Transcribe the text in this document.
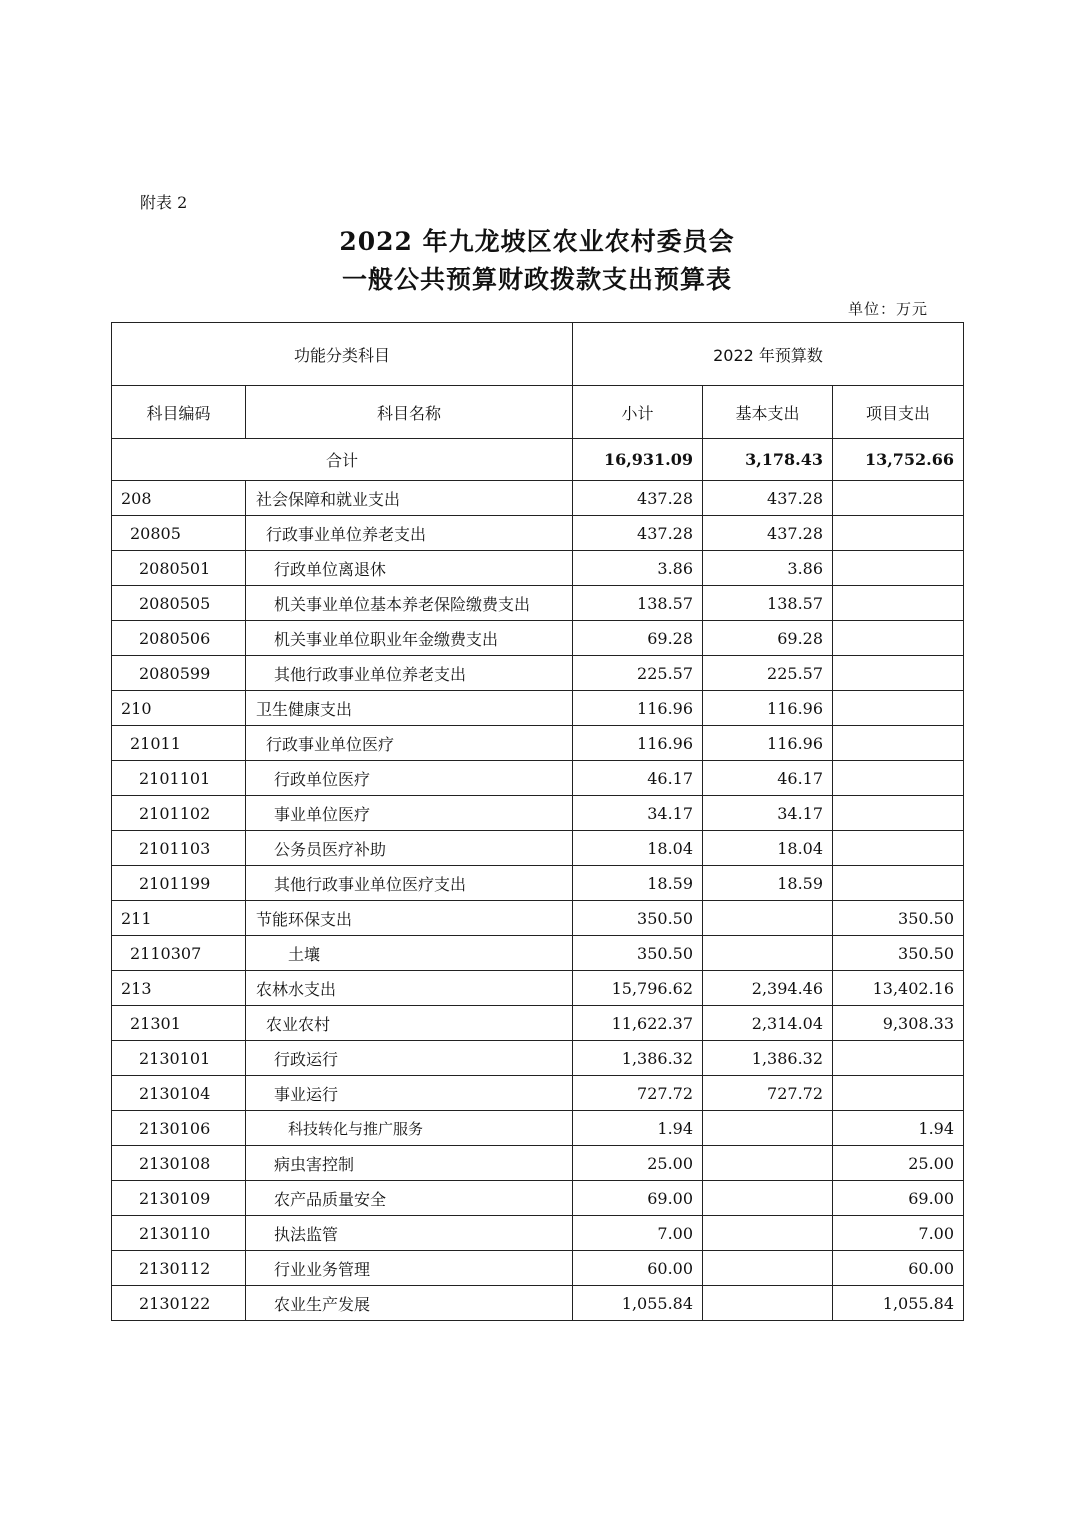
附表 2
2022 年九龙坡区农业农村委员会
一般公共预算财政拨款支出预算表
单位：万元
功能分类科目		2022 年预算数		
科目编码	科目名称	小计	基本支出	项目支出
合计		16,931.09	3,178.43	13,752.66
208	社会保障和就业支出	437.28	437.28	
20805	行政事业单位养老支出	437.28	437.28	
2080501	行政单位离退休	3.86	3.86	
2080505	机关事业单位基本养老保险缴费支出	138.57	138.57	
2080506	机关事业单位职业年金缴费支出	69.28	69.28	
2080599	其他行政事业单位养老支出	225.57	225.57	
210	卫生健康支出	116.96	116.96	
21011	行政事业单位医疗	116.96	116.96	
2101101	行政单位医疗	46.17	46.17	
2101102	事业单位医疗	34.17	34.17	
2101103	公务员医疗补助	18.04	18.04	
2101199	其他行政事业单位医疗支出	18.59	18.59	
211	节能环保支出	350.50		350.50
2110307	土壤	350.50		350.50
213	农林水支出	15,796.62	2,394.46	13,402.16
21301	农业农村	11,622.37	2,314.04	9,308.33
2130101	行政运行	1,386.32	1,386.32	
2130104	事业运行	727.72	727.72	
2130106	科技转化与推广服务	1.94		1.94
2130108	病虫害控制	25.00		25.00
2130109	农产品质量安全	69.00		69.00
2130110	执法监管	7.00		7.00
2130112	行业业务管理	60.00		60.00
2130122	农业生产发展	1,055.84		1,055.84
